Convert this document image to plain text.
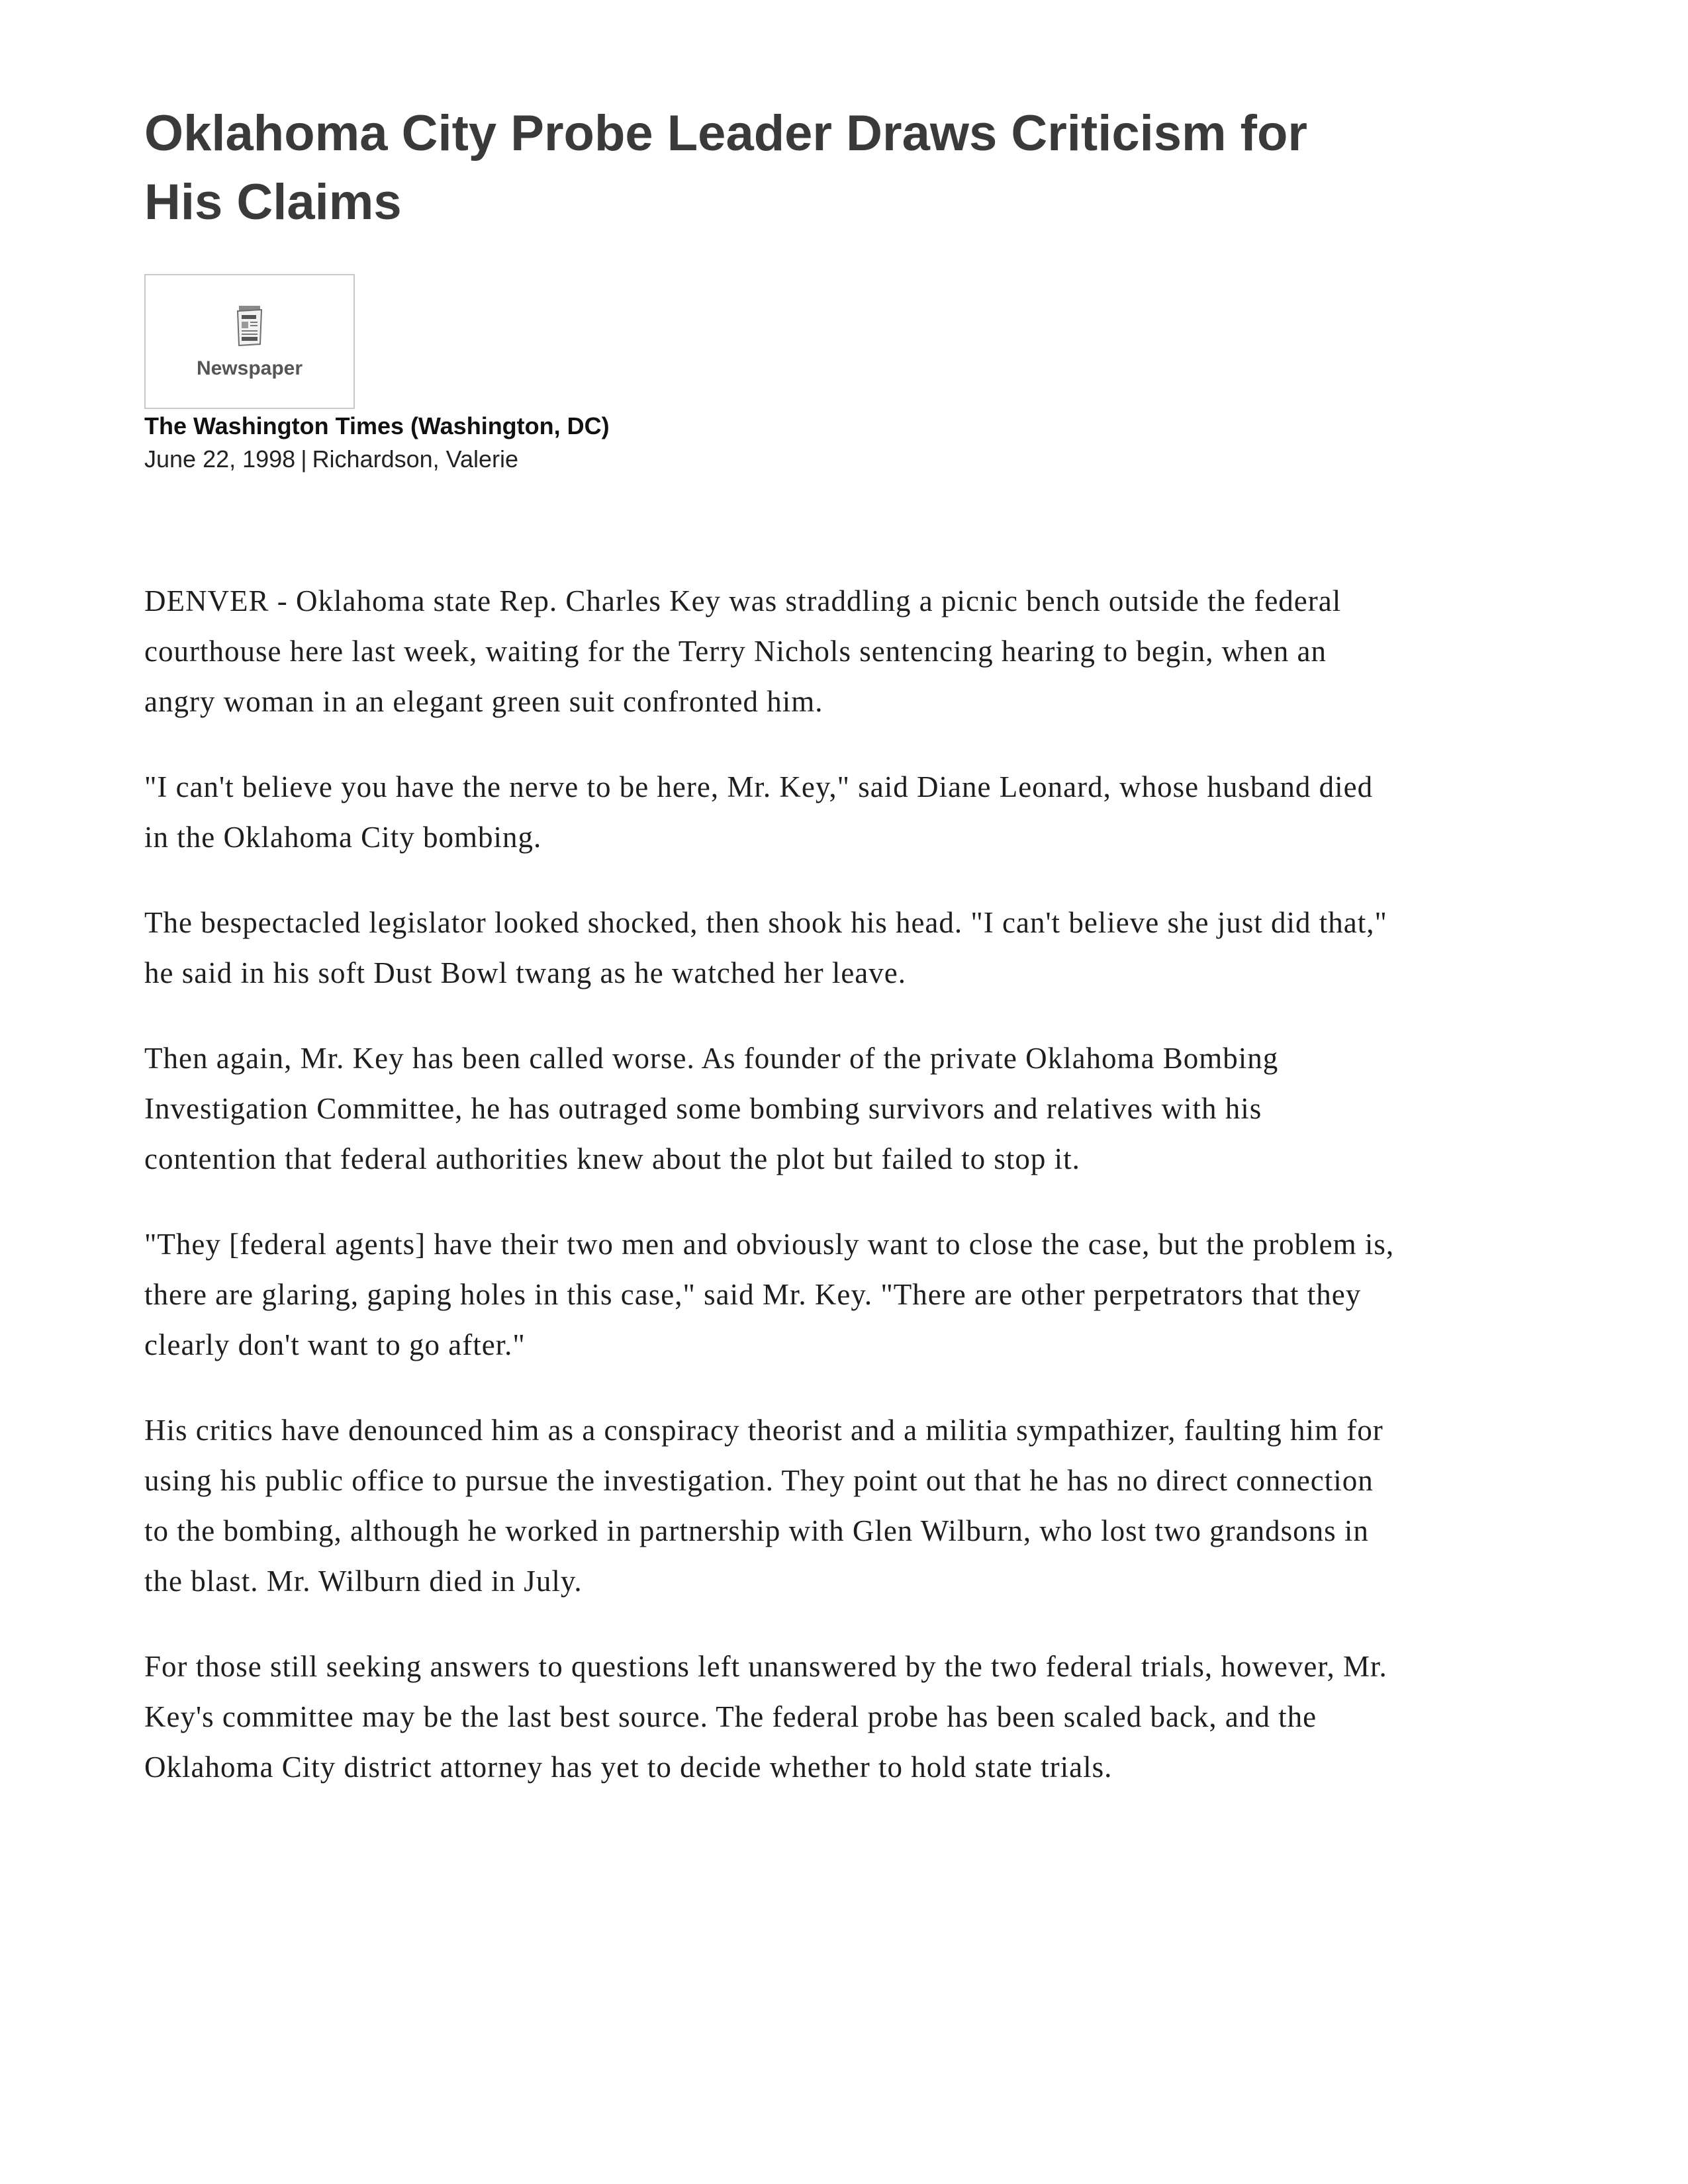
Oklahoma City Probe Leader Draws Criticism for His Claims
Newspaper
The Washington Times (Washington, DC)
June 22, 1998 | Richardson, Valerie

DENVER - Oklahoma state Rep. Charles Key was straddling a picnic bench outside the federal courthouse here last week, waiting for the Terry Nichols sentencing hearing to begin, when an angry woman in an elegant green suit confronted him.

"I can't believe you have the nerve to be here, Mr. Key," said Diane Leonard, whose husband died in the Oklahoma City bombing.

The bespectacled legislator looked shocked, then shook his head. "I can't believe she just did that," he said in his soft Dust Bowl twang as he watched her leave.

Then again, Mr. Key has been called worse. As founder of the private Oklahoma Bombing Investigation Committee, he has outraged some bombing survivors and relatives with his contention that federal authorities knew about the plot but failed to stop it.

"They [federal agents] have their two men and obviously want to close the case, but the problem is, there are glaring, gaping holes in this case," said Mr. Key. "There are other perpetrators that they clearly don't want to go after."

His critics have denounced him as a conspiracy theorist and a militia sympathizer, faulting him for using his public office to pursue the investigation. They point out that he has no direct connection to the bombing, although he worked in partnership with Glen Wilburn, who lost two grandsons in the blast. Mr. Wilburn died in July.

For those still seeking answers to questions left unanswered by the two federal trials, however, Mr. Key's committee may be the last best source. The federal probe has been scaled back, and the Oklahoma City district attorney has yet to decide whether to hold state trials.
